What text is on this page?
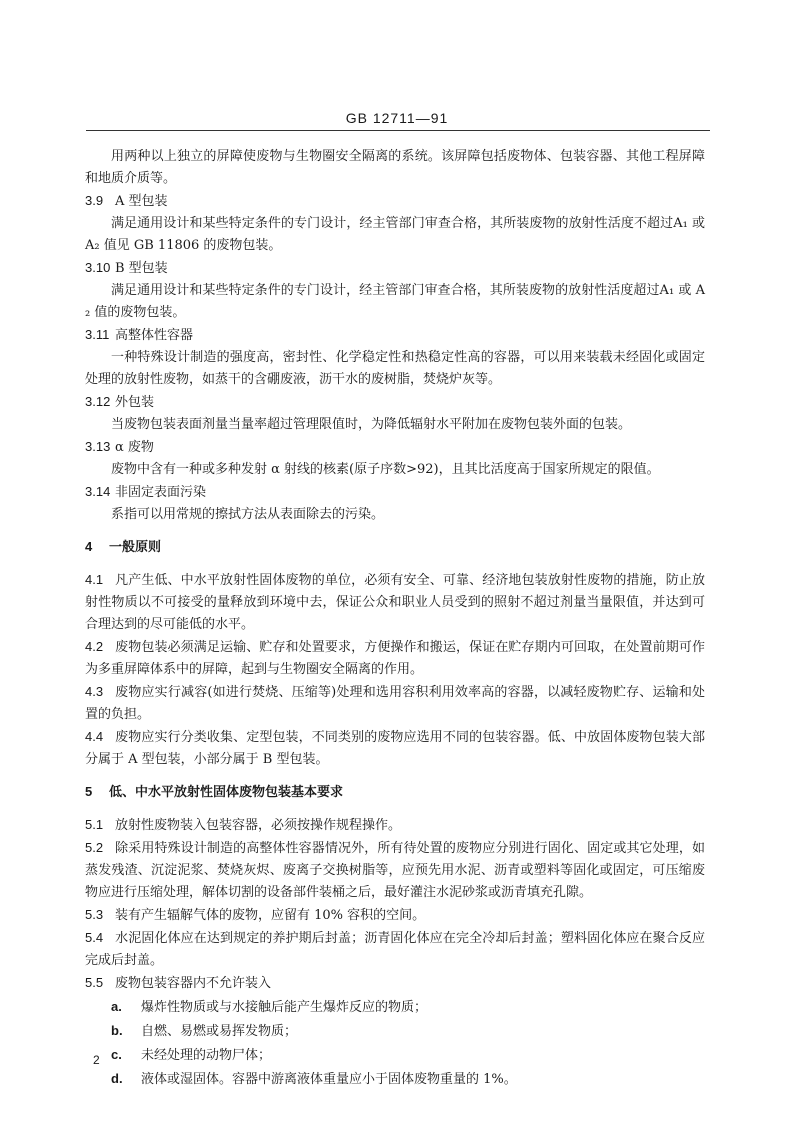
GB 12711—91
用两种以上独立的屏障使废物与生物圈安全隔离的系统。该屏障包括废物体、包装容器、其他工程屏障和地质介质等。
3.9 A 型包装
满足通用设计和某些特定条件的专门设计，经主管部门审查合格，其所装废物的放射性活度不超过A₁ 或 A₂ 值见 GB 11806 的废物包装。
3.10 B 型包装
满足通用设计和某些特定条件的专门设计，经主管部门审查合格，其所装废物的放射性活度超过A₁ 或 A₂ 值的废物包装。
3.11 高整体性容器
一种特殊设计制造的强度高，密封性、化学稳定性和热稳定性高的容器，可以用来装载未经固化或固定处理的放射性废物，如蒸干的含硼废液，沥干水的废树脂，焚烧炉灰等。
3.12 外包装
当废物包装表面剂量当量率超过管理限值时，为降低辐射水平附加在废物包装外面的包装。
3.13 α 废物
废物中含有一种或多种发射 α 射线的核素(原子序数>92)，且其比活度高于国家所规定的限值。
3.14 非固定表面污染
系指可以用常规的擦拭方法从表面除去的污染。
4 一般原则
4.1 凡产生低、中水平放射性固体废物的单位，必须有安全、可靠、经济地包装放射性废物的措施，防止放射性物质以不可接受的量释放到环境中去，保证公众和职业人员受到的照射不超过剂量当量限值，并达到可合理达到的尽可能低的水平。
4.2 废物包装必须满足运输、贮存和处置要求，方便操作和搬运，保证在贮存期内可回取，在处置前期可作为多重屏障体系中的屏障，起到与生物圈安全隔离的作用。
4.3 废物应实行减容(如进行焚烧、压缩等)处理和选用容积利用效率高的容器，以减轻废物贮存、运输和处置的负担。
4.4 废物应实行分类收集、定型包装，不同类别的废物应选用不同的包装容器。低、中放固体废物包装大部分属于 A 型包装，小部分属于 B 型包装。
5 低、中水平放射性固体废物包装基本要求
5.1 放射性废物装入包装容器，必须按操作规程操作。
5.2 除采用特殊设计制造的高整体性容器情况外，所有待处置的废物应分别进行固化、固定或其它处理，如蒸发残渣、沉淀泥浆、焚烧灰烬、废离子交换树脂等，应预先用水泥、沥青或塑料等固化或固定，可压缩废物应进行压缩处理，解体切割的设备部件装桶之后，最好灌注水泥砂浆或沥青填充孔隙。
5.3 装有产生辐解气体的废物，应留有 10% 容积的空间。
5.4 水泥固化体应在达到规定的养护期后封盖；沥青固化体应在完全冷却后封盖；塑料固化体应在聚合反应完成后封盖。
5.5 废物包装容器内不允许装入
a. 爆炸性物质或与水接触后能产生爆炸反应的物质；
b. 自燃、易燃或易挥发物质；
c. 未经处理的动物尸体；
d. 液体或湿固体。容器中游离液体重量应小于固体废物重量的 1%。
2
